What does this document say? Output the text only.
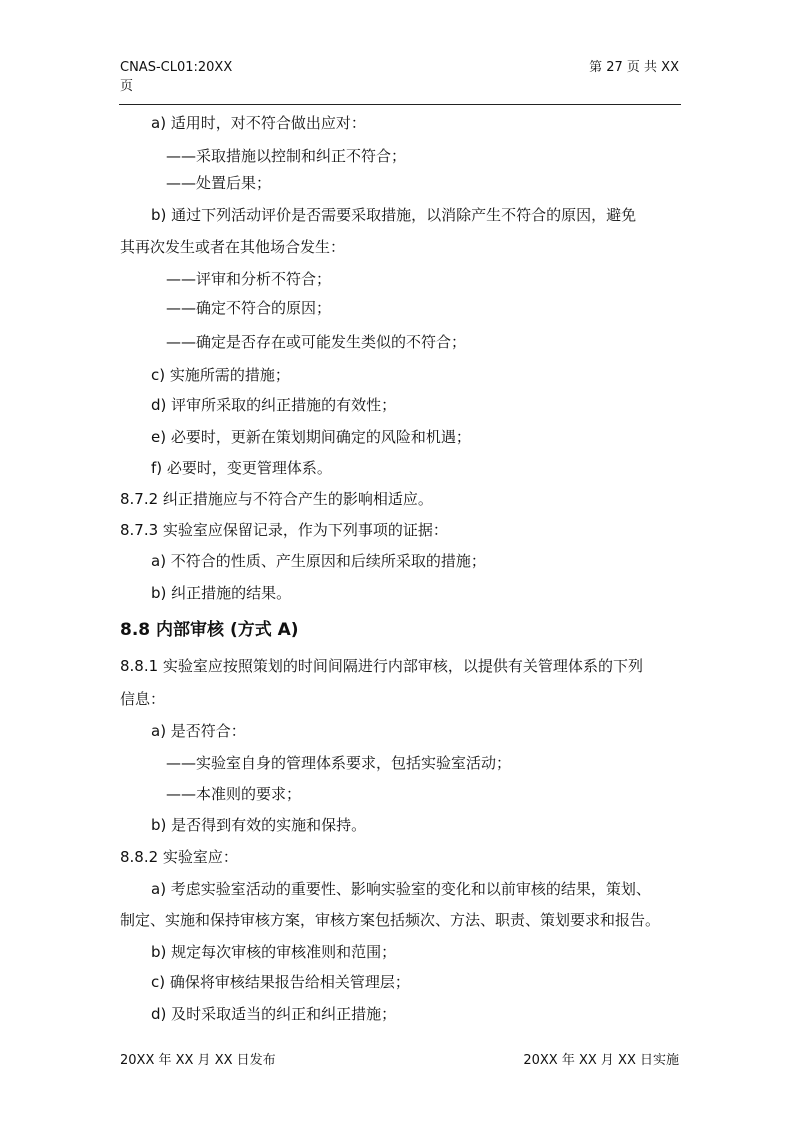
CNAS-CL01:20XX
页
第 27 页 共 XX
a) 适用时，对不符合做出应对：
——采取措施以控制和纠正不符合；
——处置后果；
b) 通过下列活动评价是否需要采取措施，以消除产生不符合的原因，避免
其再次发生或者在其他场合发生：
——评审和分析不符合；
——确定不符合的原因；
——确定是否存在或可能发生类似的不符合；
c) 实施所需的措施；
d) 评审所采取的纠正措施的有效性；
e) 必要时，更新在策划期间确定的风险和机遇；
f) 必要时，变更管理体系。
8.7.2 纠正措施应与不符合产生的影响相适应。
8.7.3 实验室应保留记录，作为下列事项的证据：
a) 不符合的性质、产生原因和后续所采取的措施；
b) 纠正措施的结果。
8.8 内部审核 (方式 A)
8.8.1 实验室应按照策划的时间间隔进行内部审核，以提供有关管理体系的下列
信息：
a) 是否符合：
——实验室自身的管理体系要求，包括实验室活动；
——本准则的要求；
b) 是否得到有效的实施和保持。
8.8.2 实验室应：
a) 考虑实验室活动的重要性、影响实验室的变化和以前审核的结果，策划、
制定、实施和保持审核方案，审核方案包括频次、方法、职责、策划要求和报告。
b) 规定每次审核的审核准则和范围；
c) 确保将审核结果报告给相关管理层；
d) 及时采取适当的纠正和纠正措施；
20XX 年 XX 月 XX 日发布	20XX 年 XX 月 XX 日实施
